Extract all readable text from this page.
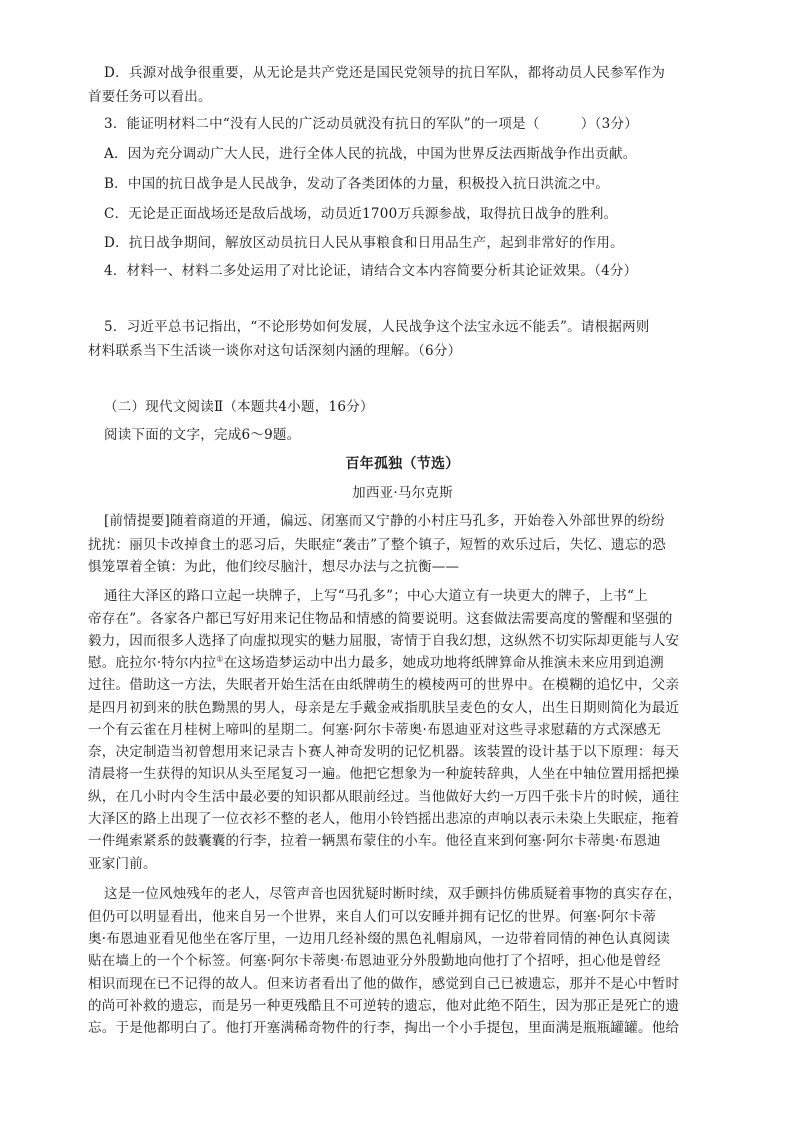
D．兵源对战争很重要，从无论是共产党还是国民党领导的抗日军队，都将动员人民参军作为
首要任务可以看出。
3．能证明材料二中“没有人民的广泛动员就没有抗日的军队”的一项是（　　　）（3分）
A．因为充分调动广大人民，进行全体人民的抗战，中国为世界反法西斯战争作出贡献。
B．中国的抗日战争是人民战争，发动了各类团体的力量，积极投入抗日洪流之中。
C．无论是正面战场还是敌后战场，动员近1700万兵源参战，取得抗日战争的胜利。
D．抗日战争期间，解放区动员抗日人民从事粮食和日用品生产，起到非常好的作用。
4．材料一、材料二多处运用了对比论证，请结合文本内容简要分析其论证效果。（4分）
5．习近平总书记指出，“不论形势如何发展，人民战争这个法宝永远不能丢”。请根据两则
材料联系当下生活谈一谈你对这句话深刻内涵的理解。（6分）
（二）现代文阅读Ⅱ（本题共4小题，16分）
阅读下面的文字，完成6～9题。
百年孤独（节选）
加西亚·马尔克斯
[前情提要]随着商道的开通，偏远、闭塞而又宁静的小村庄马孔多，开始卷入外部世界的纷纷
扰扰：丽贝卡改掉食土的恶习后，失眠症“袭击”了整个镇子，短暂的欢乐过后，失忆、遗忘的恐
惧笼罩着全镇：为此，他们绞尽脑汁，想尽办法与之抗衡——
通往大泽区的路口立起一块牌子，上写“马孔多”；中心大道立有一块更大的牌子，上书“上
帝存在”。各家各户都已写好用来记住物品和情感的简要说明。这套做法需要高度的警醒和坚强的
毅力，因而很多人选择了向虚拟现实的魅力屈服，寄情于自我幻想，这纵然不切实际却更能与人安
慰。庇拉尔·特尔内拉①在这场造梦运动中出力最多，她成功地将纸牌算命从推演未来应用到追溯
过往。借助这一方法，失眠者开始生活在由纸牌萌生的模棱两可的世界中。在模糊的追忆中，父亲
是四月初到来的肤色黝黑的男人，母亲是左手戴金戒指肌肤呈麦色的女人，出生日期则简化为最近
一个有云雀在月桂树上啼叫的星期二。何塞·阿尔卡蒂奥·布恩迪亚对这些寻求慰藉的方式深感无
奈，决定制造当初曾想用来记录吉卜赛人神奇发明的记忆机器。该装置的设计基于以下原理：每天
清晨将一生获得的知识从头至尾复习一遍。他把它想象为一种旋转辞典，人坐在中轴位置用摇把操
纵，在几小时内令生活中最必要的知识都从眼前经过。当他做好大约一万四千张卡片的时候，通往
大泽区的路上出现了一位衣衫不整的老人，他用小铃铛摇出悲凉的声响以表示未染上失眠症，拖着
一件绳索紧系的鼓囊囊的行李，拉着一辆黑布蒙住的小车。他径直来到何塞·阿尔卡蒂奥·布恩迪
亚家门前。
这是一位风烛残年的老人，尽管声音也因犹疑时断时续，双手颤抖仿佛质疑着事物的真实存在，
但仍可以明显看出，他来自另一个世界，来自人们可以安睡并拥有记忆的世界。何塞·阿尔卡蒂
奥·布恩迪亚看见他坐在客厅里，一边用几经补缀的黑色礼帽扇风，一边带着同情的神色认真阅读
贴在墙上的一个个标签。何塞·阿尔卡蒂奥·布恩迪亚分外殷勤地向他打了个招呼，担心他是曾经
相识而现在已不记得的故人。但来访者看出了他的做作，感觉到自己已被遗忘，那并不是心中暂时
的尚可补救的遗忘，而是另一种更残酷且不可逆转的遗忘，他对此绝不陌生，因为那正是死亡的遗
忘。于是他都明白了。他打开塞满稀奇物件的行李，掏出一个小手提包，里面满是瓶瓶罐罐。他给
